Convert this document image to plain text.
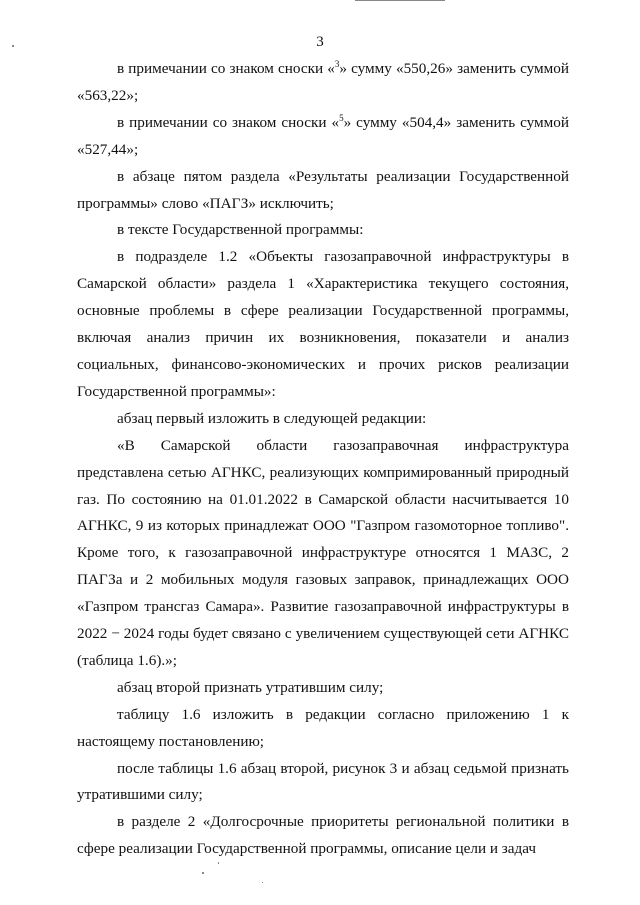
3

в примечании со знаком сноски «$^3$» сумму «550,26» заменить суммой «563,22»;

в примечании со знаком сноски «$^5$» сумму «504,4» заменить суммой «527,44»;

в абзаце пятом раздела «Результаты реализации Государственной программы» слово «ПАГЗ» исключить;

в тексте Государственной программы:

в подразделе 1.2 «Объекты газозаправочной инфраструктуры в Самарской области» раздела 1 «Характеристика текущего состояния, основные проблемы в сфере реализации Государственной программы, включая анализ причин их возникновения, показатели и анализ социальных, финансово-экономических и прочих рисков реализации Государственной программы»:

абзац первый изложить в следующей редакции:

«В Самарской области газозаправочная инфраструктура представлена сетью АГНКС, реализующих компримированный природный газ. По состоянию на 01.01.2022 в Самарской области насчитывается 10 АГНКС, 9 из которых принадлежат ООО "Газпром газомоторное топливо". Кроме того, к газозаправочной инфраструктуре относятся 1 МАЗС, 2 ПАГЗа и 2 мобильных модуля газовых заправок, принадлежащих ООО «Газпром трансгаз Самара». Развитие газозаправочной инфраструктуры в 2022 − 2024 годы будет связано с увеличением существующей сети АГНКС (таблица 1.6).»;

абзац второй признать утратившим силу;

таблицу 1.6 изложить в редакции согласно приложению 1 к настоящему постановлению;

после таблицы 1.6 абзац второй, рисунок 3 и абзац седьмой признать утратившими силу;

в разделе 2 «Долгосрочные приоритеты региональной политики в сфере реализации Государственной программы, описание цели и задач
